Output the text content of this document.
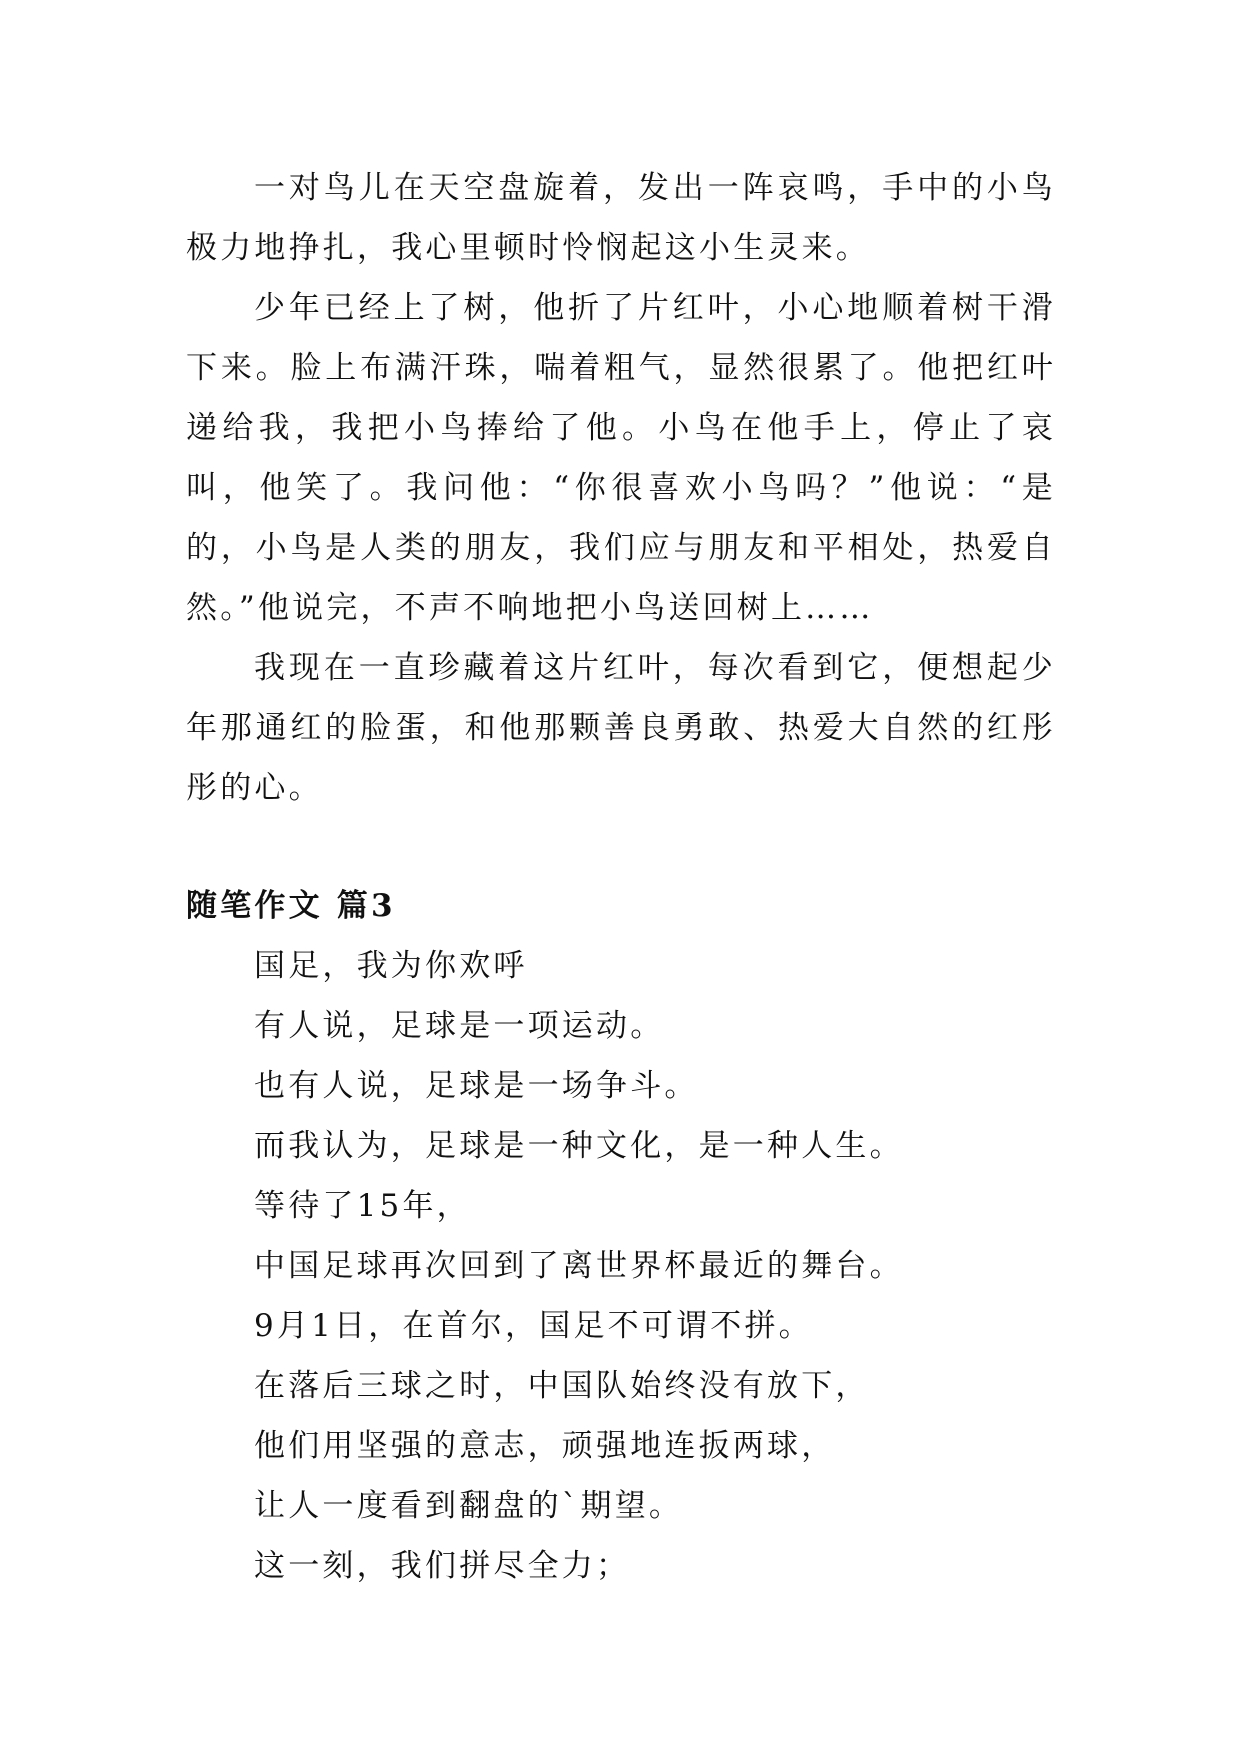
一对鸟儿在天空盘旋着，发出一阵哀鸣，手中的小鸟极力地挣扎，我心里顿时怜悯起这小生灵来。

少年已经上了树，他折了片红叶，小心地顺着树干滑下来。脸上布满汗珠，喘着粗气，显然很累了。他把红叶递给我，我把小鸟捧给了他。小鸟在他手上，停止了哀叫，他笑了。我问他：“你很喜欢小鸟吗？”他说：“是的，小鸟是人类的朋友，我们应与朋友和平相处，热爱自然。”他说完，不声不响地把小鸟送回树上……

我现在一直珍藏着这片红叶，每次看到它，便想起少年那通红的脸蛋，和他那颗善良勇敢、热爱大自然的红彤彤的心。

随笔作文 篇3
国足，我为你欢呼
有人说，足球是一项运动。
也有人说，足球是一场争斗。
而我认为，足球是一种文化，是一种人生。
等待了15年，
中国足球再次回到了离世界杯最近的舞台。
9月1日，在首尔，国足不可谓不拼。
在落后三球之时，中国队始终没有放下，
他们用坚强的意志，顽强地连扳两球，
让人一度看到翻盘的`期望。
这一刻，我们拼尽全力；
